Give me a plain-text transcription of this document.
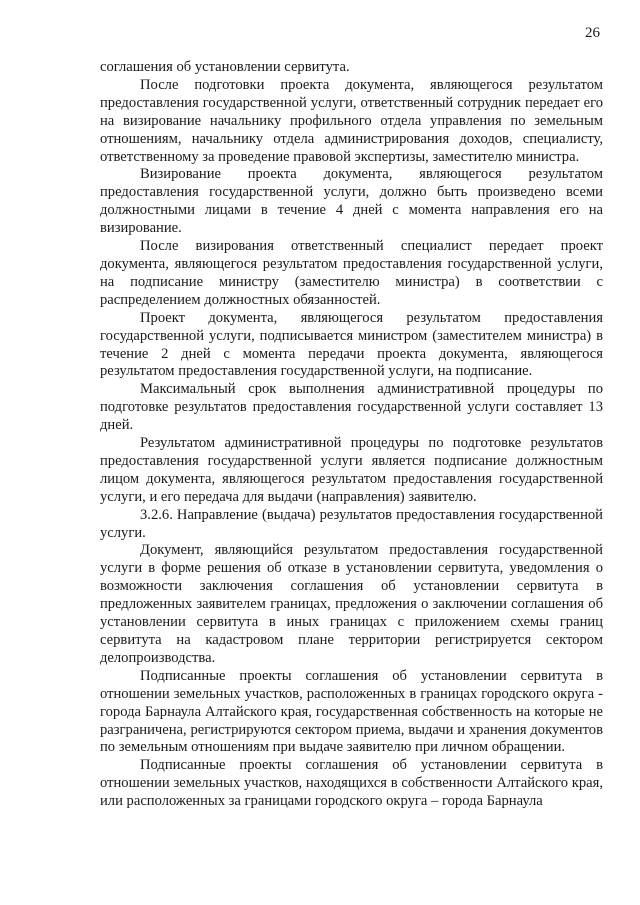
26

соглашения об установлении сервитута.

После подготовки проекта документа, являющегося результатом предоставления государственной услуги, ответственный сотрудник передает его на визирование начальнику профильного отдела управления по земельным отношениям, начальнику отдела администрирования доходов, специалисту, ответственному за проведение правовой экспертизы, заместителю министра.

Визирование проекта документа, являющегося результатом предоставления государственной услуги, должно быть произведено всеми должностными лицами в течение 4 дней с момента направления его на визирование.

После визирования ответственный специалист передает проект документа, являющегося результатом предоставления государственной услуги, на подписание министру (заместителю министра) в соответствии с распределением должностных обязанностей.

Проект документа, являющегося результатом предоставления государственной услуги, подписывается министром (заместителем министра) в течение 2 дней с момента передачи проекта документа, являющегося результатом предоставления государственной услуги, на подписание.

Максимальный срок выполнения административной процедуры по подготовке результатов предоставления государственной услуги составляет 13 дней.

Результатом административной процедуры по подготовке результатов предоставления государственной услуги является подписание должностным лицом документа, являющегося результатом предоставления государственной услуги, и его передача для выдачи (направления) заявителю.

3.2.6. Направление (выдача) результатов предоставления государственной услуги.

Документ, являющийся результатом предоставления государственной услуги в форме решения об отказе в установлении сервитута, уведомления о возможности заключения соглашения об установлении сервитута в предложенных заявителем границах, предложения о заключении соглашения об установлении сервитута в иных границах с приложением схемы границ сервитута на кадастровом плане территории регистрируется сектором делопроизводства.

Подписанные проекты соглашения об установлении сервитута в отношении земельных участков, расположенных в границах городского округа - города Барнаула Алтайского края, государственная собственность на которые не разграничена, регистрируются сектором приема, выдачи и хранения документов по земельным отношениям при выдаче заявителю при личном обращении.

Подписанные проекты соглашения об установлении сервитута в отношении земельных участков, находящихся в собственности Алтайского края, или расположенных за границами городского округа – города Барнаула
